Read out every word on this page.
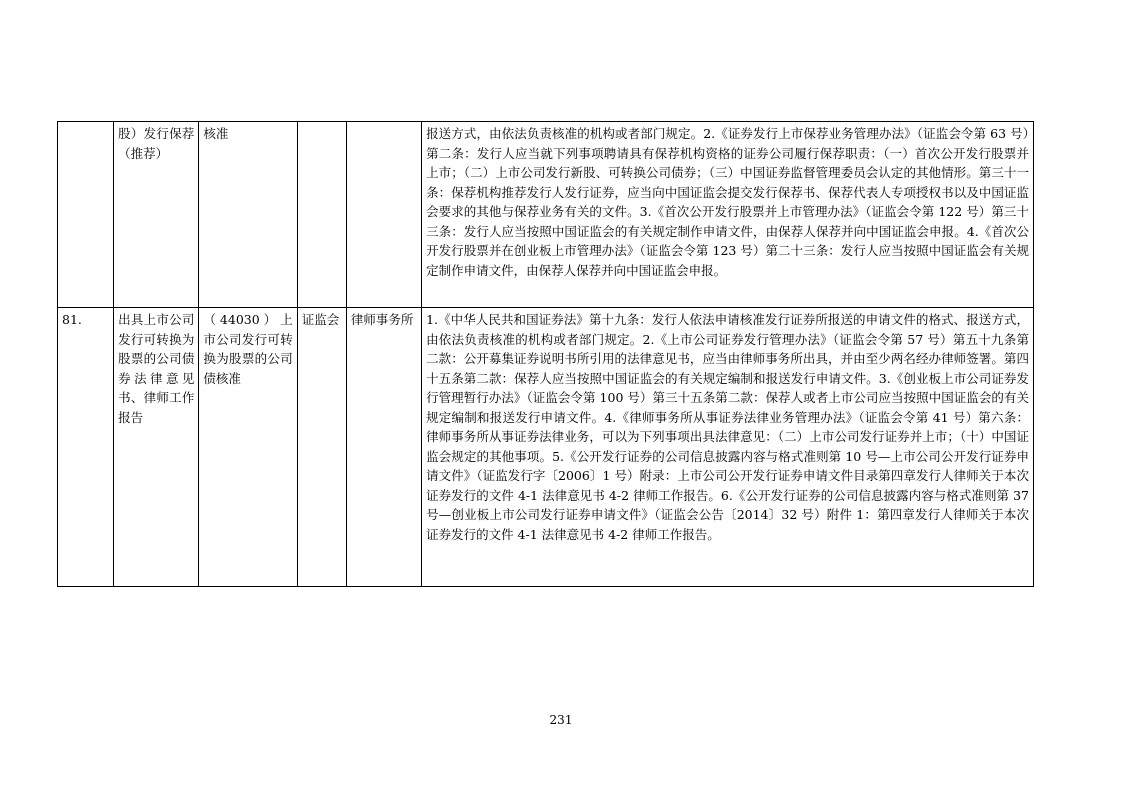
	股）发行保荐（推荐）	核准			报送方式，由依法负责核准的机构或者部门规定。2.《证券发行上市保荐业务管理办法》（证监会令第 63 号）第二条：发行人应当就下列事项聘请具有保荐机构资格的证券公司履行保荐职责：（一）首次公开发行股票并上市；（二）上市公司发行新股、可转换公司债券；（三）中国证券监督管理委员会认定的其他情形。第三十一条：保荐机构推荐发行人发行证券，应当向中国证监会提交发行保荐书、保荐代表人专项授权书以及中国证监会要求的其他与保荐业务有关的文件。3.《首次公开发行股票并上市管理办法》（证监会令第 122 号）第三十三条：发行人应当按照中国证监会的有关规定制作申请文件，由保荐人保荐并向中国证监会申报。4.《首次公开发行股票并在创业板上市管理办法》（证监会令第 123 号）第二十三条：发行人应当按照中国证监会有关规定制作申请文件，由保荐人保荐并向中国证监会申报。
81.	出具上市公司发行可转换为股票的公司债券法律意见书、律师工作报告	（44030）上市公司发行可转换为股票的公司债核准	证监会	律师事务所	1.《中华人民共和国证券法》第十九条：发行人依法申请核准发行证券所报送的申请文件的格式、报送方式，由依法负责核准的机构或者部门规定。2.《上市公司证券发行管理办法》（证监会令第 57 号）第五十九条第二款：公开募集证券说明书所引用的法律意见书，应当由律师事务所出具，并由至少两名经办律师签署。第四十五条第二款：保荐人应当按照中国证监会的有关规定编制和报送发行申请文件。3.《创业板上市公司证券发行管理暂行办法》（证监会令第 100 号）第三十五条第二款：保荐人或者上市公司应当按照中国证监会的有关规定编制和报送发行申请文件。4.《律师事务所从事证券法律业务管理办法》（证监会令第 41 号）第六条：律师事务所从事证券法律业务，可以为下列事项出具法律意见：（二）上市公司发行证券并上市；（十）中国证监会规定的其他事项。5.《公开发行证券的公司信息披露内容与格式准则第 10 号—上市公司公开发行证券申请文件》（证监发行字〔2006〕1 号）附录：上市公司公开发行证券申请文件目录第四章发行人律师关于本次证券发行的文件 4-1 法律意见书 4-2 律师工作报告。6.《公开发行证券的公司信息披露内容与格式准则第 37 号—创业板上市公司发行证券申请文件》（证监会公告〔2014〕32 号）附件 1：第四章发行人律师关于本次证券发行的文件 4-1 法律意见书 4-2 律师工作报告。
231
